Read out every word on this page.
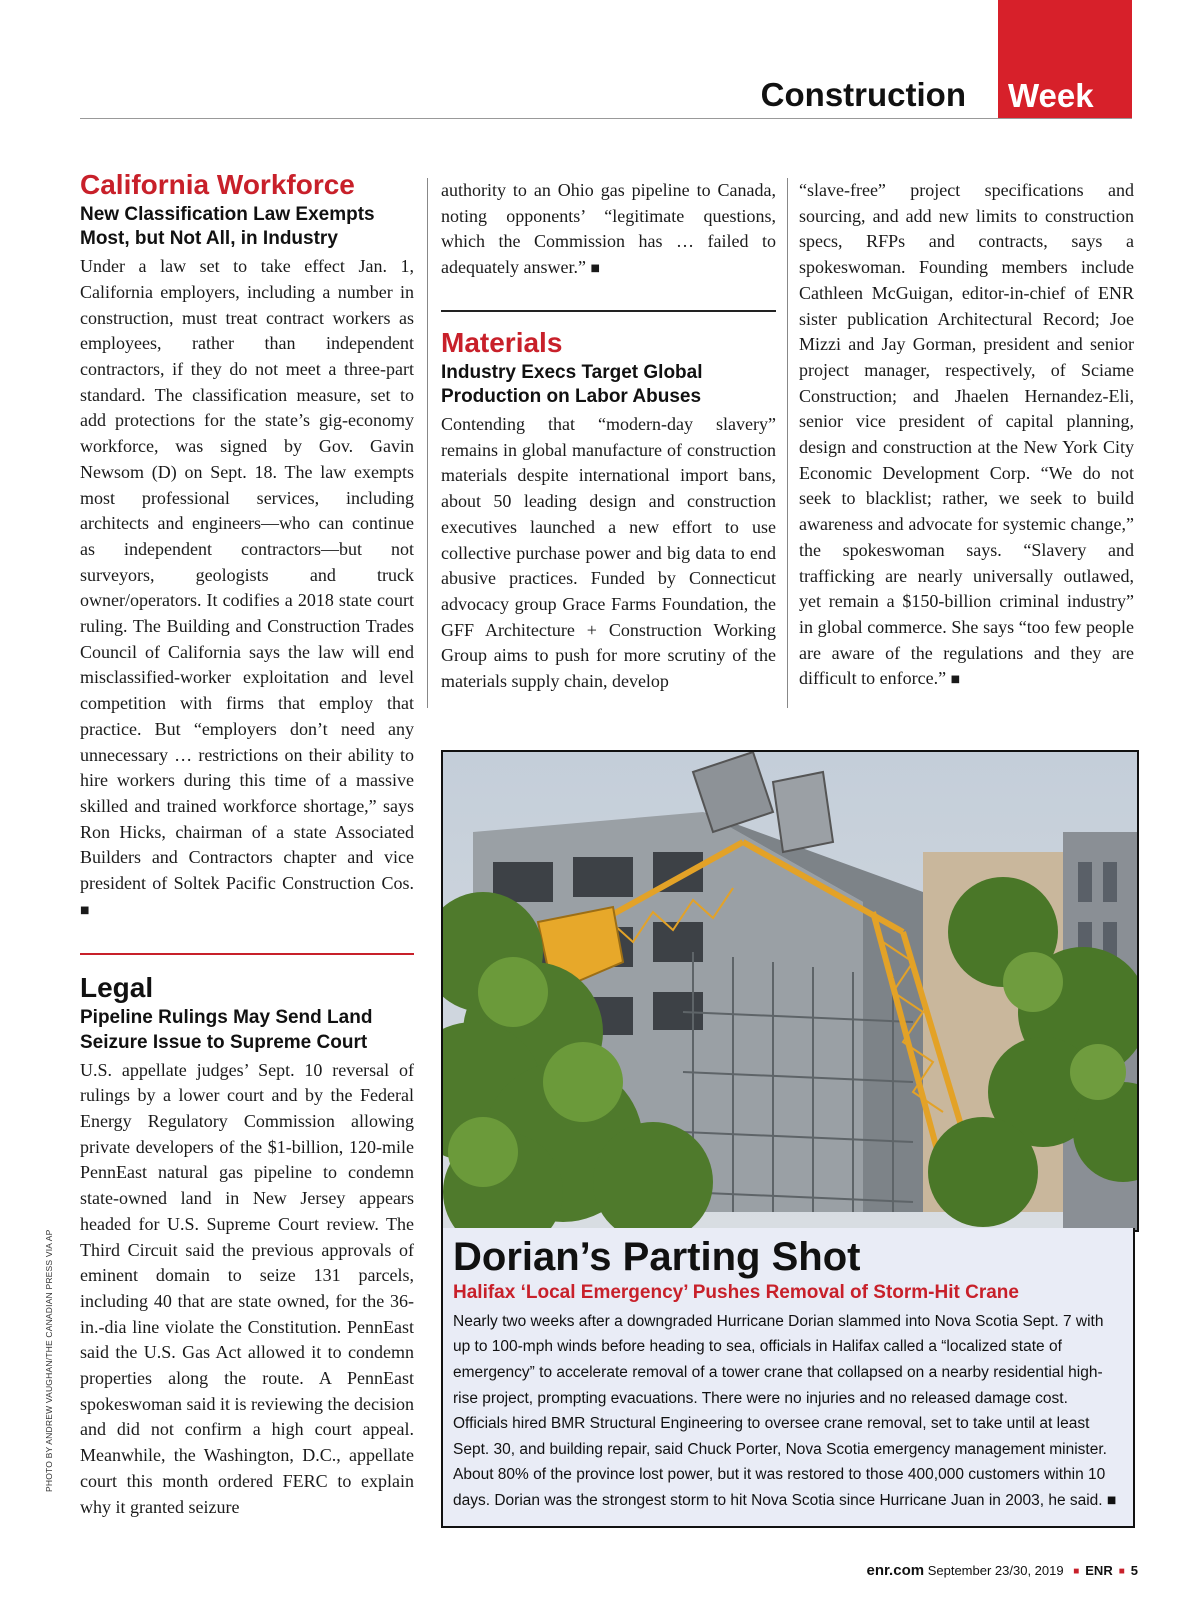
Construction Week
California Workforce
New Classification Law Exempts Most, but Not All, in Industry

Under a law set to take effect Jan. 1, California employers, including a number in construction, must treat contract workers as employees, rather than independent contractors, if they do not meet a three-part standard. The classification measure, set to add protections for the state’s gig-economy workforce, was signed by Gov. Gavin Newsom (D) on Sept. 18. The law exempts most professional services, including architects and engineers—who can continue as independent contractors—but not surveyors, geologists and truck owner/operators. It codifies a 2018 state court ruling. The Building and Construction Trades Council of California says the law will end misclassified-worker exploitation and level competition with firms that employ that practice. But “employers don’t need any unnecessary … restrictions on their ability to hire workers during this time of a massive skilled and trained workforce shortage,” says Ron Hicks, chairman of a state Associated Builders and Contractors chapter and vice president of Soltek Pacific Construction Cos. ■

Legal
Pipeline Rulings May Send Land Seizure Issue to Supreme Court

U.S. appellate judges’ Sept. 10 reversal of rulings by a lower court and by the Federal Energy Regulatory Commission allowing private developers of the $1-billion, 120-mile PennEast natural gas pipeline to condemn state-owned land in New Jersey appears headed for U.S. Supreme Court review. The Third Circuit said the previous approvals of eminent domain to seize 131 parcels, including 40 that are state owned, for the 36-in.-dia line violate the Constitution. PennEast said the U.S. Gas Act allowed it to condemn properties along the route. A PennEast spokeswoman said it is reviewing the decision and did not confirm a high court appeal. Meanwhile, the Washington, D.C., appellate court this month ordered FERC to explain why it granted seizure

authority to an Ohio gas pipeline to Canada, noting opponents’ “legitimate questions, which the Commission has … failed to adequately answer.” ■

Materials
Industry Execs Target Global Production on Labor Abuses

Contending that “modern-day slavery” remains in global manufacture of construction materials despite international import bans, about 50 leading design and construction executives launched a new effort to use collective purchase power and big data to end abusive practices. Funded by Connecticut advocacy group Grace Farms Foundation, the GFF Architecture + Construction Working Group aims to push for more scrutiny of the materials supply chain, develop

“slave-free” project specifications and sourcing, and add new limits to construction specs, RFPs and contracts, says a spokeswoman. Founding members include Cathleen McGuigan, editor-in-chief of ENR sister publication Architectural Record; Joe Mizzi and Jay Gorman, president and senior project manager, respectively, of Sciame Construction; and Jhaelen Hernandez-Eli, senior vice president of capital planning, design and construction at the New York City Economic Development Corp. “We do not seek to blacklist; rather, we seek to build awareness and advocate for systemic change,” the spokeswoman says. “Slavery and trafficking are nearly universally outlawed, yet remain a $150-billion criminal industry” in global commerce. She says “too few people are aware of the regulations and they are difficult to enforce.” ■

Dorian’s Parting Shot
Halifax ‘Local Emergency’ Pushes Removal of Storm-Hit Crane

Nearly two weeks after a downgraded Hurricane Dorian slammed into Nova Scotia Sept. 7 with up to 100-mph winds before heading to sea, officials in Halifax called a “localized state of emergency” to accelerate removal of a tower crane that collapsed on a nearby residential high-rise project, prompting evacuations. There were no injuries and no released damage cost. Officials hired BMR Structural Engineering to oversee crane removal, set to take until at least Sept. 30, and building repair, said Chuck Porter, Nova Scotia emergency management minister. About 80% of the province lost power, but it was restored to those 400,000 customers within 10 days. Dorian was the strongest storm to hit Nova Scotia since Hurricane Juan in 2003, he said. ■

PHOTO BY ANDREW VAUGHAN/THE CANADIAN PRESS VIA AP
enr.com September 23/30, 2019 ■ ENR ■ 5
